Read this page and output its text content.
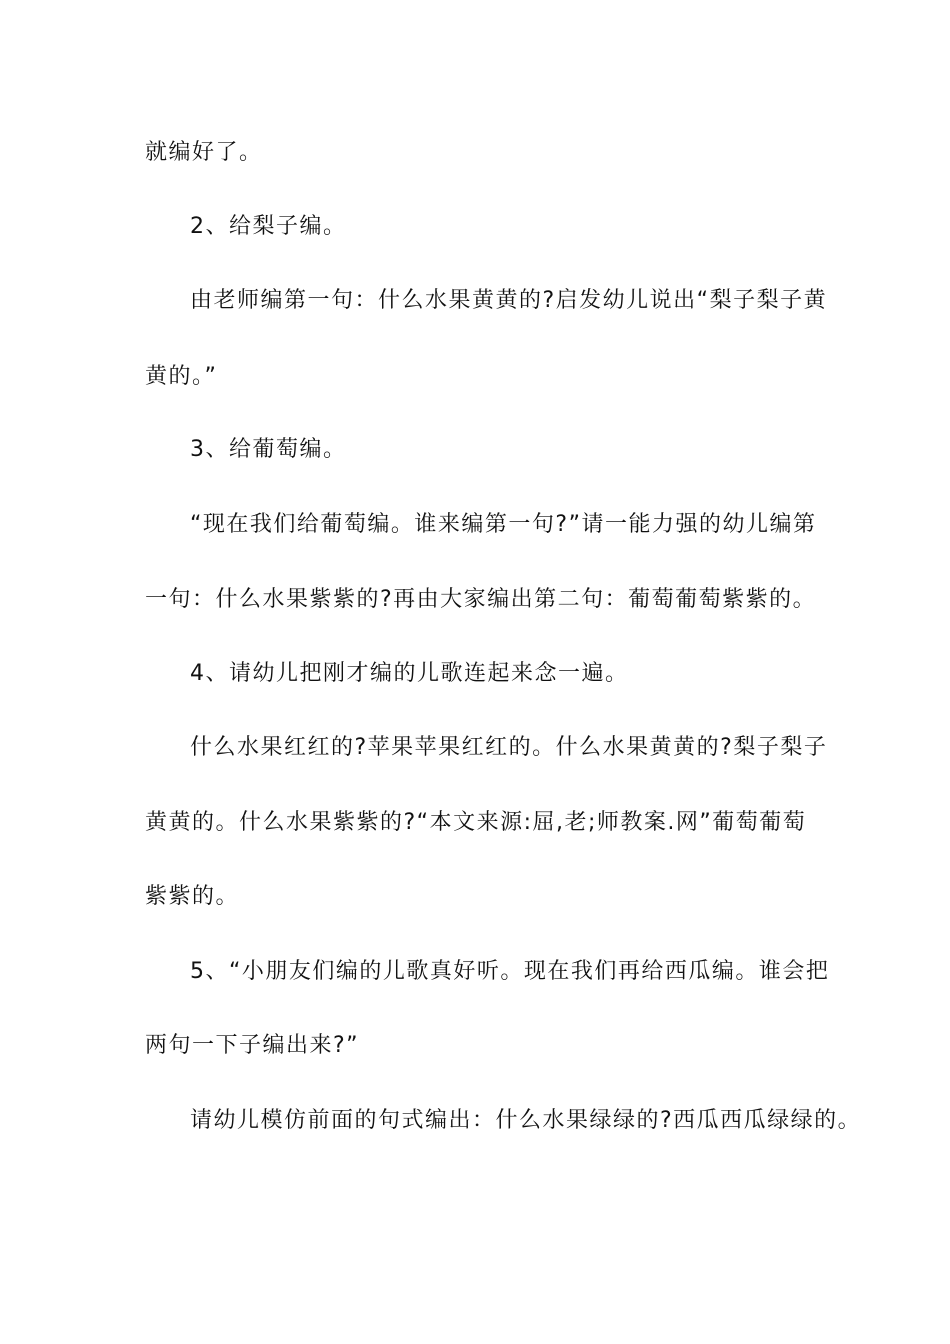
就编好了。
2、给梨子编。
由老师编第一句：什么水果黄黄的?启发幼儿说出“梨子梨子黄
黄的。”
3、给葡萄编。
“现在我们给葡萄编。谁来编第一句?”请一能力强的幼儿编第
一句：什么水果紫紫的?再由大家编出第二句：葡萄葡萄紫紫的。
4、请幼儿把刚才编的儿歌连起来念一遍。
什么水果红红的?苹果苹果红红的。什么水果黄黄的?梨子梨子
黄黄的。什么水果紫紫的?“本文来源:屈,老;师教案.网”葡萄葡萄
紫紫的。
5、“小朋友们编的儿歌真好听。现在我们再给西瓜编。谁会把
两句一下子编出来?”
请幼儿模仿前面的句式编出：什么水果绿绿的?西瓜西瓜绿绿的。
